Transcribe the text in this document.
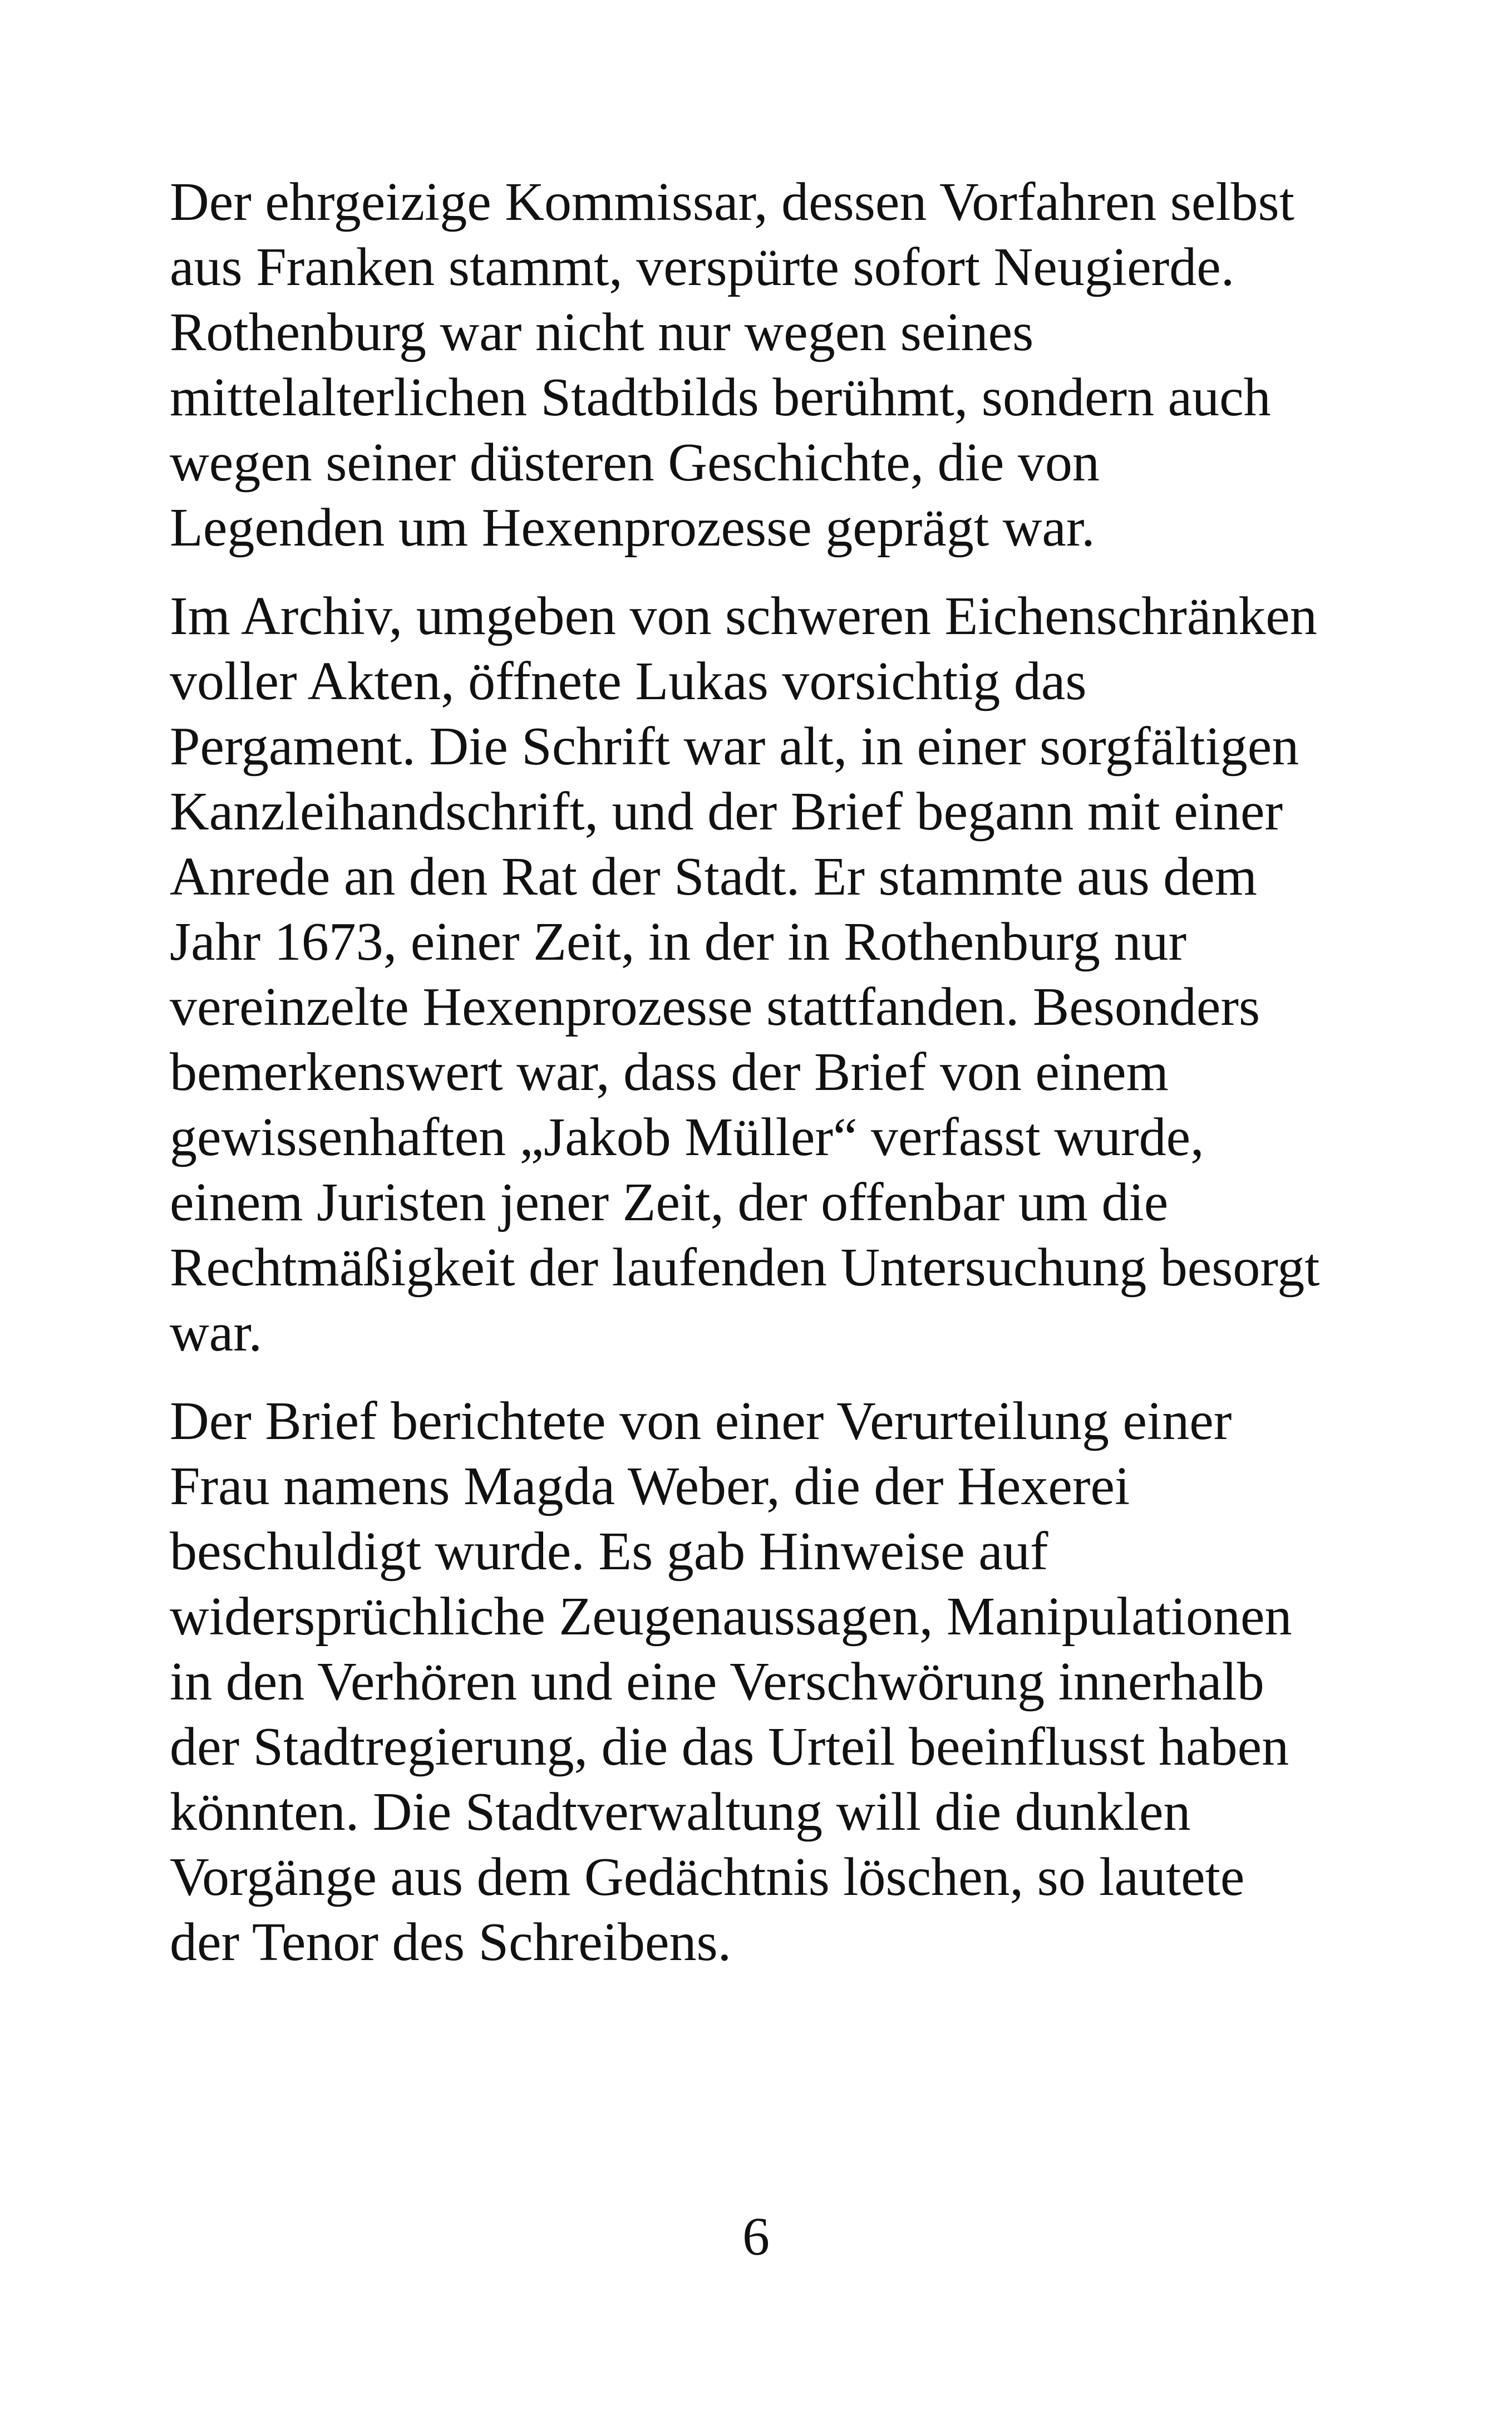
Der ehrgeizige Kommissar, dessen Vorfahren selbst
aus Franken stammt, verspürte sofort Neugierde.
Rothenburg war nicht nur wegen seines
mittelalterlichen Stadtbilds berühmt, sondern auch
wegen seiner düsteren Geschichte, die von
Legenden um Hexenprozesse geprägt war.

Im Archiv, umgeben von schweren Eichenschränken
voller Akten, öffnete Lukas vorsichtig das
Pergament. Die Schrift war alt, in einer sorgfältigen
Kanzleihandschrift, und der Brief begann mit einer
Anrede an den Rat der Stadt. Er stammte aus dem
Jahr 1673, einer Zeit, in der in Rothenburg nur
vereinzelte Hexenprozesse stattfanden. Besonders
bemerkenswert war, dass der Brief von einem
gewissenhaften „Jakob Müller“ verfasst wurde,
einem Juristen jener Zeit, der offenbar um die
Rechtmäßigkeit der laufenden Untersuchung besorgt
war.

Der Brief berichtete von einer Verurteilung einer
Frau namens Magda Weber, die der Hexerei
beschuldigt wurde. Es gab Hinweise auf
widersprüchliche Zeugenaussagen, Manipulationen
in den Verhören und eine Verschwörung innerhalb
der Stadtregierung, die das Urteil beeinflusst haben
könnten. Die Stadtverwaltung will die dunklen
Vorgänge aus dem Gedächtnis löschen, so lautete
der Tenor des Schreibens.

6
